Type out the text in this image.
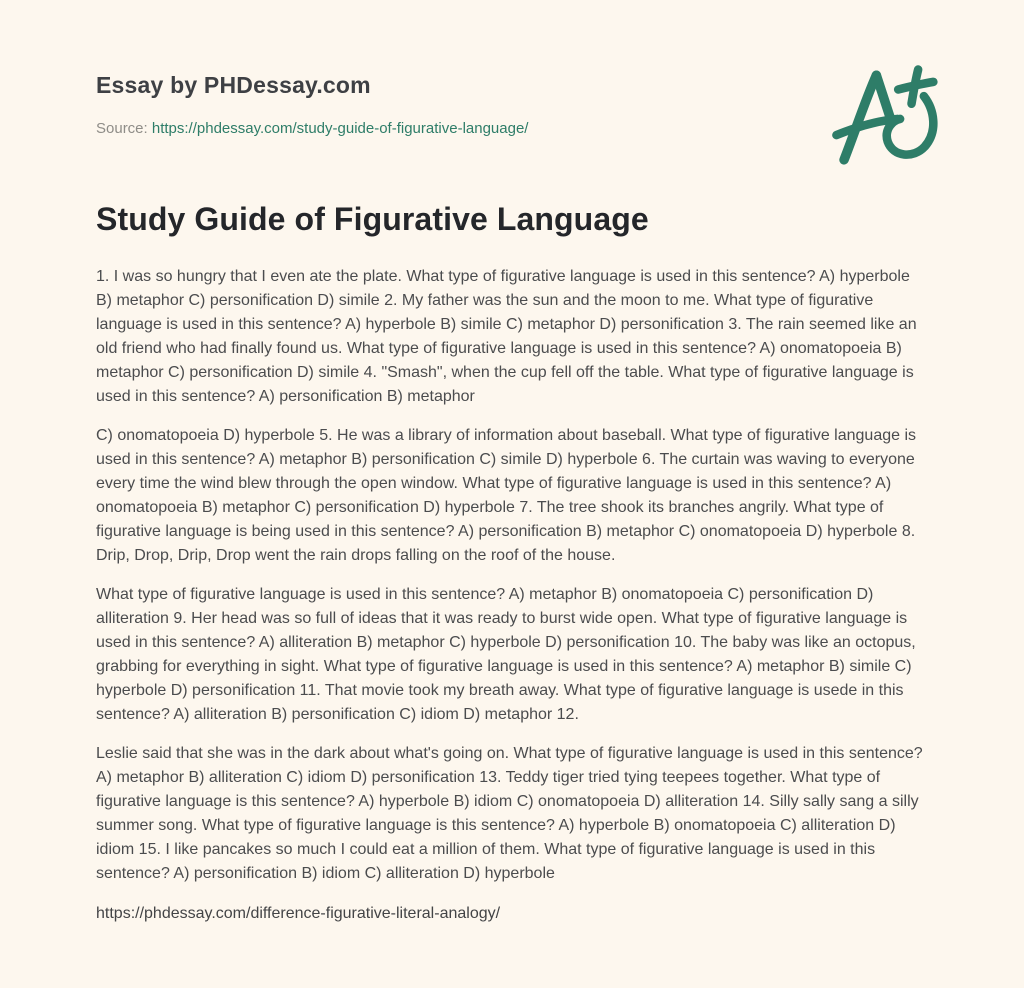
Essay by PHDessay.com

Source: https://phdessay.com/study-guide-of-figurative-language/

Study Guide of Figurative Language

1. I was so hungry that I even ate the plate. What type of figurative language is used in this sentence? A) hyperbole B) metaphor C) personification D) simile 2. My father was the sun and the moon to me. What type of figurative language is used in this sentence? A) hyperbole B) simile C) metaphor D) personification 3. The rain seemed like an old friend who had finally found us. What type of figurative language is used in this sentence? A) onomatopoeia B) metaphor C) personification D) simile 4. "Smash", when the cup fell off the table. What type of figurative language is used in this sentence? A) personification B) metaphor

C) onomatopoeia D) hyperbole 5. He was a library of information about baseball. What type of figurative language is used in this sentence? A) metaphor B) personification C) simile D) hyperbole 6. The curtain was waving to everyone every time the wind blew through the open window. What type of figurative language is used in this sentence? A) onomatopoeia B) metaphor C) personification D) hyperbole 7. The tree shook its branches angrily. What type of figurative language is being used in this sentence? A) personification B) metaphor C) onomatopoeia D) hyperbole 8. Drip, Drop, Drip, Drop went the rain drops falling on the roof of the house.

What type of figurative language is used in this sentence? A) metaphor B) onomatopoeia C) personification D) alliteration 9. Her head was so full of ideas that it was ready to burst wide open. What type of figurative language is used in this sentence? A) alliteration B) metaphor C) hyperbole D) personification 10. The baby was like an octopus, grabbing for everything in sight. What type of figurative language is used in this sentence? A) metaphor B) simile C) hyperbole D) personification 11. That movie took my breath away. What type of figurative language is usede in this sentence? A) alliteration B) personification C) idiom D) metaphor 12.

Leslie said that she was in the dark about what's going on. What type of figurative language is used in this sentence? A) metaphor B) alliteration C) idiom D) personification 13. Teddy tiger tried tying teepees together. What type of figurative language is this sentence? A) hyperbole B) idiom C) onomatopoeia D) alliteration 14. Silly sally sang a silly summer song. What type of figurative language is this sentence? A) hyperbole B) onomatopoeia C) alliteration D) idiom 15. I like pancakes so much I could eat a million of them. What type of figurative language is used in this sentence? A) personification B) idiom C) alliteration D) hyperbole

https://phdessay.com/difference-figurative-literal-analogy/
